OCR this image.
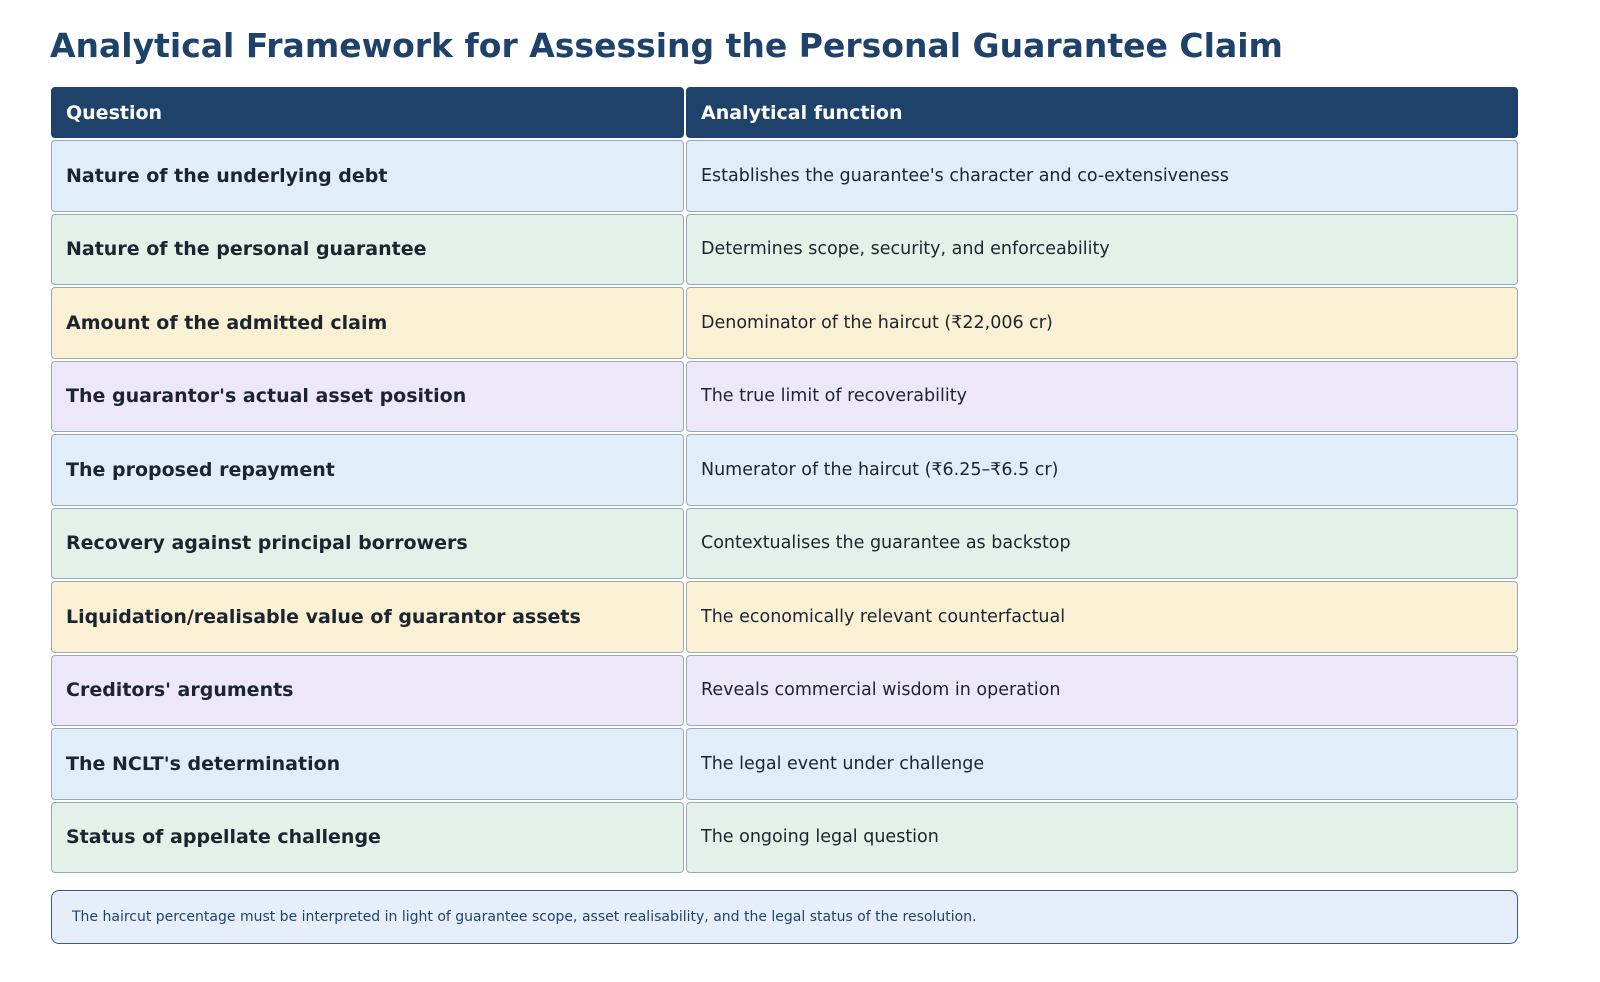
Analytical Framework for Assessing the Personal Guarantee Claim
Question	Analytical function
Nature of the underlying debt	Establishes the guarantee's character and co-extensiveness
Nature of the personal guarantee	Determines scope, security, and enforceability
Amount of the admitted claim	Denominator of the haircut (₹22,006 cr)
The guarantor's actual asset position	The true limit of recoverability
The proposed repayment	Numerator of the haircut (₹6.25–₹6.5 cr)
Recovery against principal borrowers	Contextualises the guarantee as backstop
Liquidation/realisable value of guarantor assets	The economically relevant counterfactual
Creditors' arguments	Reveals commercial wisdom in operation
The NCLT's determination	The legal event under challenge
Status of appellate challenge	The ongoing legal question
The haircut percentage must be interpreted in light of guarantee scope, asset realisability, and the legal status of the resolution.
